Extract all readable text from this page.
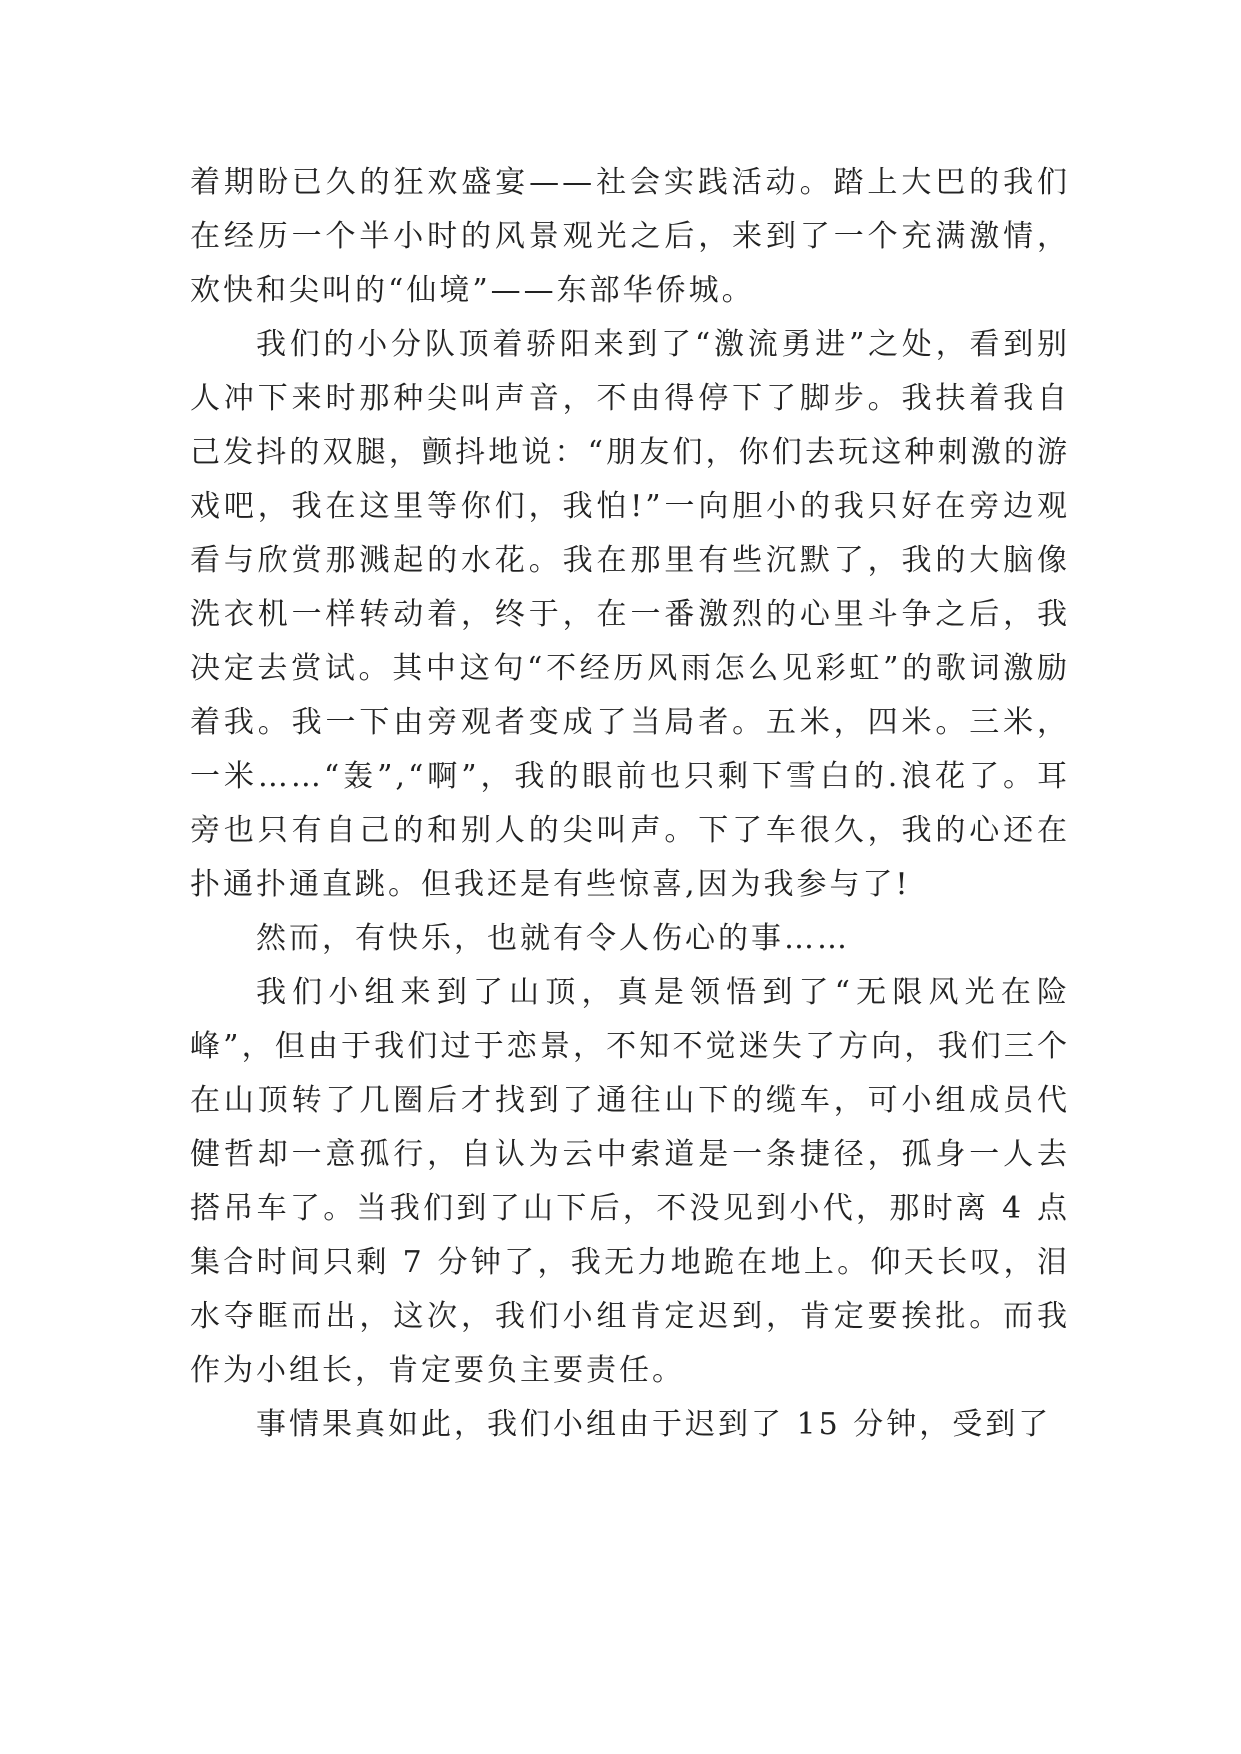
着期盼已久的狂欢盛宴——社会实践活动。踏上大巴的我们在经历一个半小时的风景观光之后，来到了一个充满激情，欢快和尖叫的“仙境”——东部华侨城。

我们的小分队顶着骄阳来到了“激流勇进”之处，看到别人冲下来时那种尖叫声音，不由得停下了脚步。我扶着我自己发抖的双腿，颤抖地说：“朋友们，你们去玩这种刺激的游戏吧，我在这里等你们，我怕!”一向胆小的我只好在旁边观看与欣赏那溅起的水花。我在那里有些沉默了，我的大脑像洗衣机一样转动着，终于，在一番激烈的心里斗争之后，我决定去赏试。其中这句“不经历风雨怎么见彩虹”的歌词激励着我。我一下由旁观者变成了当局者。五米，四米。三米，一米……“轰”,“啊”，我的眼前也只剩下雪白的.浪花了。耳旁也只有自己的和别人的尖叫声。下了车很久，我的心还在扑通扑通直跳。但我还是有些惊喜,因为我参与了!

然而，有快乐，也就有令人伤心的事……

我们小组来到了山顶，真是领悟到了“无限风光在险峰”，但由于我们过于恋景，不知不觉迷失了方向，我们三个在山顶转了几圈后才找到了通往山下的缆车，可小组成员代健哲却一意孤行，自认为云中索道是一条捷径，孤身一人去搭吊车了。当我们到了山下后，不没见到小代，那时离 4 点集合时间只剩 7 分钟了，我无力地跪在地上。仰天长叹，泪水夺眶而出，这次，我们小组肯定迟到，肯定要挨批。而我作为小组长，肯定要负主要责任。

事情果真如此，我们小组由于迟到了 15 分钟，受到了
